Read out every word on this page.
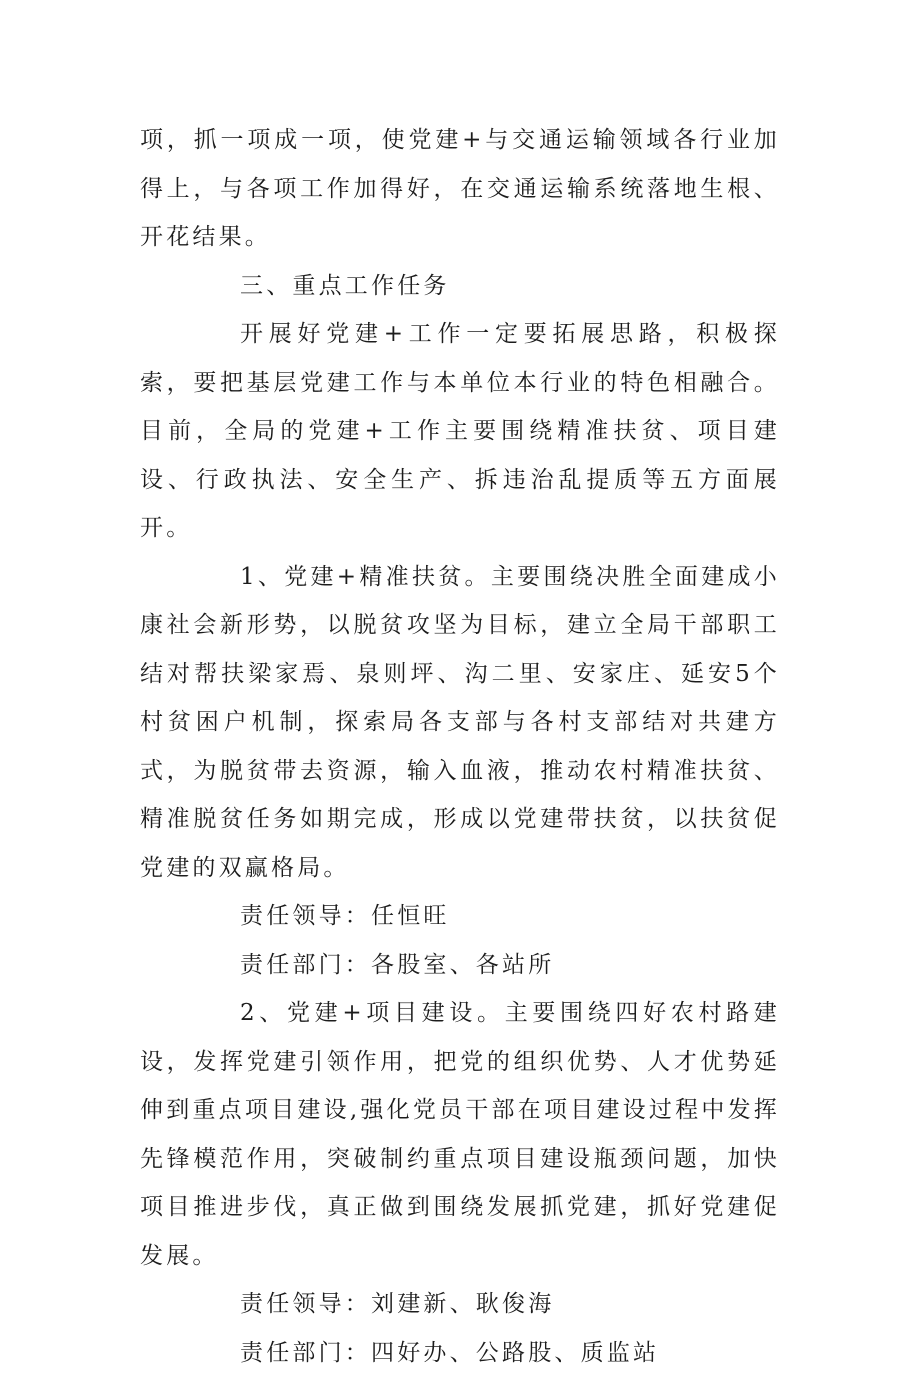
项，抓一项成一项，使党建+与交通运输领域各行业加得上，与各项工作加得好，在交通运输系统落地生根、开花结果。

三、重点工作任务

开展好党建+工作一定要拓展思路，积极探索，要把基层党建工作与本单位本行业的特色相融合。目前，全局的党建+工作主要围绕精准扶贫、项目建设、行政执法、安全生产、拆违治乱提质等五方面展开。

1、党建+精准扶贫。主要围绕决胜全面建成小康社会新形势，以脱贫攻坚为目标，建立全局干部职工结对帮扶梁家焉、泉则坪、沟二里、安家庄、延安5个村贫困户机制，探索局各支部与各村支部结对共建方式，为脱贫带去资源，输入血液，推动农村精准扶贫、精准脱贫任务如期完成，形成以党建带扶贫，以扶贫促党建的双赢格局。

责任领导：任恒旺

责任部门：各股室、各站所

2、党建+项目建设。主要围绕四好农村路建设，发挥党建引领作用，把党的组织优势、人才优势延伸到重点项目建设,强化党员干部在项目建设过程中发挥先锋模范作用，突破制约重点项目建设瓶颈问题，加快项目推进步伐，真正做到围绕发展抓党建，抓好党建促发展。

责任领导：刘建新、耿俊海

责任部门：四好办、公路股、质监站
